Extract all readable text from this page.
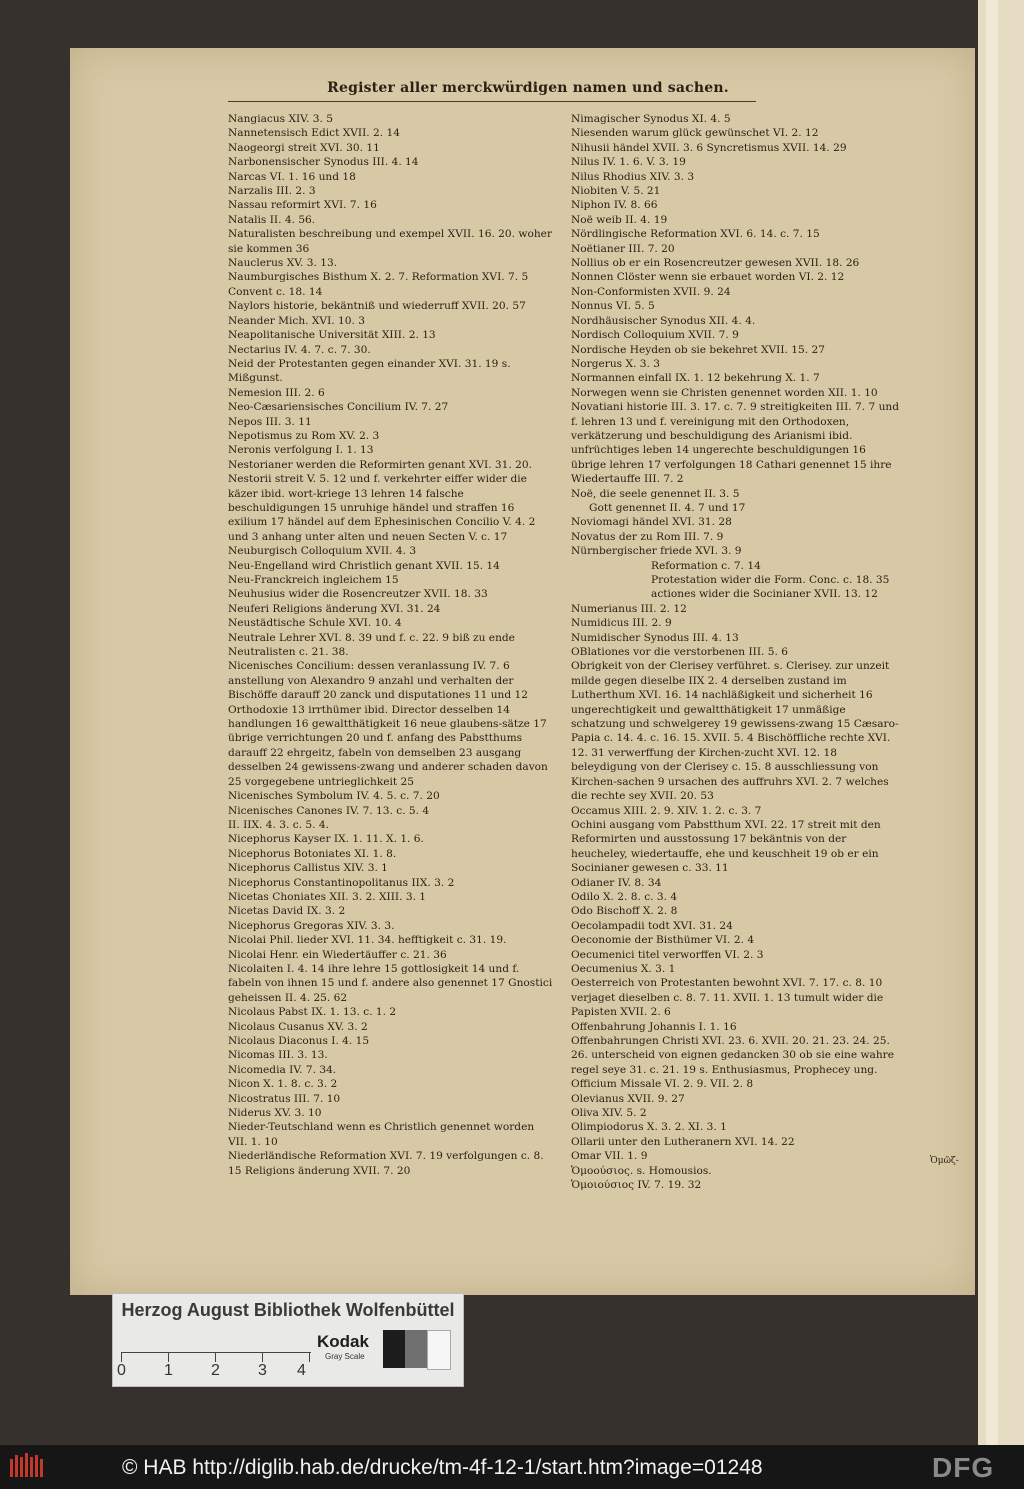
Register aller merckwürdigen namen und sachen.
Nangiacus XIV. 3. 5
Nannetensisch Edict XVII. 2. 14
Naogeorgi streit XVI. 30. 11
Narbonensischer Synodus III. 4. 14
Narcas VI. 1. 16 und 18
Narzalis III. 2. 3
Nassau reformirt XVI. 7. 16
Natalis II. 4. 56.
Naturalisten beschreibung und exempel XVII. 16. 20. woher sie kommen 36
Nauclerus XV. 3. 13.
Naumburgisches Bisthum X. 2. 7. Reformation XVI. 7. 5 Convent c. 18. 14
Naylors historie, bekäntniß und wiederruff XVII. 20. 57
Neander Mich. XVI. 10. 3
Neapolitanische Universität XIII. 2. 13
Nectarius IV. 4. 7. c. 7. 30.
Neid der Protestanten gegen einander XVI. 31. 19 s. Mißgunst.
Nemesion III. 2. 6
Neo-Cæsariensisches Concilium IV. 7. 27
Nepos III. 3. 11
Nepotismus zu Rom XV. 2. 3
Neronis verfolgung I. 1. 13
Nestorianer werden die Reformirten genant XVI. 31. 20.
Nestorii streit V. 5. 12 und f. verkehrter eiffer wider die käzer ibid. wort-kriege 13 lehren 14 falsche beschuldigungen 15 unruhige händel und straffen 16 exilium 17 händel auf dem Ephesinischen Concilio V. 4. 2 und 3 anhang unter alten und neuen Secten V. c. 17
Neuburgisch Colloquium XVII. 4. 3
Neu-Engelland wird Christlich genant XVII. 15. 14
Neu-Franckreich ingleichem 15
Neuhusius wider die Rosencreutzer XVII. 18. 33
Neuferi Religions änderung XVI. 31. 24
Neustädtische Schule XVI. 10. 4
Neutrale Lehrer XVI. 8. 39 und f. c. 22. 9 biß zu ende
Neutralisten c. 21. 38.
Nicenisches Concilium: dessen veranlassung IV. 7. 6 anstellung von Alexandro 9 anzahl und verhalten der Bischöffe darauff 20 zanck und disputationes 11 und 12 Orthodoxie 13 irrthümer ibid. Director desselben 14 handlungen 16 gewaltthätigkeit 16 neue glaubens-sätze 17 übrige verrichtungen 20 und f. anfang des Pabstthums darauff 22 ehrgeitz, fabeln von demselben 23 ausgang desselben 24 gewissens-zwang und anderer schaden davon 25 vorgegebene untrieglichkeit 25
Nicenisches Symbolum IV. 4. 5. c. 7. 20
Nicenisches Canones IV. 7. 13. c. 5. 4
II. IIX. 4. 3. c. 5. 4.
Nicephorus Kayser IX. 1. 11. X. 1. 6.
Nicephorus Botoniates XI. 1. 8.
Nicephorus Callistus XIV. 3. 1
Nicephorus Constantinopolitanus IIX. 3. 2
Nicetas Choniates XII. 3. 2. XIII. 3. 1
Nicetas David IX. 3. 2
Nicephorus Gregoras XIV. 3. 3.
Nicolai Phil. lieder XVI. 11. 34. hefftigkeit c. 31. 19.
Nicolai Henr. ein Wiedertäuffer c. 21. 36
Nicolaiten I. 4. 14 ihre lehre 15 gottlosigkeit 14 und f. fabeln von ihnen 15 und f. andere also genennet 17 Gnostici geheissen II. 4. 25. 62
Nicolaus Pabst IX. 1. 13. c. 1. 2
Nicolaus Cusanus XV. 3. 2
Nicolaus Diaconus I. 4. 15
Nicomas III. 3. 13.
Nicomedia IV. 7. 34.
Nicon X. 1. 8. c. 3. 2
Nicostratus III. 7. 10
Niderus XV. 3. 10
Nieder-Teutschland wenn es Christlich genennet worden VII. 1. 10
Niederländische Reformation XVI. 7. 19 verfolgungen c. 8. 15 Religions änderung XVII. 7. 20
Nimagischer Synodus XI. 4. 5
Niesenden warum glück gewünschet VI. 2. 12
Nihusii händel XVII. 3. 6 Syncretismus XVII. 14. 29
Nilus IV. 1. 6. V. 3. 19
Nilus Rhodius XIV. 3. 3
Niobiten V. 5. 21
Niphon IV. 8. 66
Noë weib II. 4. 19
Nördlingische Reformation XVI. 6. 14. c. 7. 15
Noëtianer III. 7. 20
Nollius ob er ein Rosencreutzer gewesen XVII. 18. 26
Nonnen Clöster wenn sie erbauet worden VI. 2. 12
Non-Conformisten XVII. 9. 24
Nonnus VI. 5. 5
Nordhäusischer Synodus XII. 4. 4.
Nordisch Colloquium XVII. 7. 9
Nordische Heyden ob sie bekehret XVII. 15. 27
Norgerus X. 3. 3
Normannen einfall IX. 1. 12 bekehrung X. 1. 7
Norwegen wenn sie Christen genennet worden XII. 1. 10
Novatiani historie III. 3. 17. c. 7. 9 streitigkeiten III. 7. 7 und f. lehren 13 und f. vereinigung mit den Orthodoxen, verkätzerung und beschuldigung des Arianismi ibid. unfrüchtiges leben 14 ungerechte beschuldigungen 16 übrige lehren 17 verfolgungen 18 Cathari genennet 15 ihre Wiedertauffe III. 7. 2
Noë, die seele genennet II. 3. 5
Gott genennet II. 4. 7 und 17
Noviomagi händel XVI. 31. 28
Novatus der zu Rom III. 7. 9
Nürnbergischer friede XVI. 3. 9
Reformation c. 7. 14
Protestation wider die Form. Conc. c. 18. 35
actiones wider die Socinianer XVII. 13. 12
Numerianus III. 2. 12
Numidicus III. 2. 9
Numidischer Synodus III. 4. 13
OBlationes vor die verstorbenen III. 5. 6
Obrigkeit von der Clerisey verführet. s. Clerisey. zur unzeit milde gegen dieselbe IIX 2. 4 derselben zustand im Lutherthum XVI. 16. 14 nachläßigkeit und sicherheit 16 ungerechtigkeit und gewaltthätigkeit 17 unmäßige schatzung und schwelgerey 19 gewissens-zwang 15 Cæsaro-Papia c. 14. 4. c. 16. 15. XVII. 5. 4 Bischöffliche rechte XVI. 12. 31 verwerffung der Kirchen-zucht XVI. 12. 18 beleydigung von der Clerisey c. 15. 8 ausschliessung von Kirchen-sachen 9 ursachen des auffruhrs XVI. 2. 7 welches die rechte sey XVII. 20. 53
Occamus XIII. 2. 9. XIV. 1. 2. c. 3. 7
Ochini ausgang vom Pabstthum XVI. 22. 17 streit mit den Reformirten und ausstossung 17 bekäntnis von der heucheley, wiedertauffe, ehe und keuschheit 19 ob er ein Socinianer gewesen c. 33. 11
Odianer IV. 8. 34
Odilo X. 2. 8. c. 3. 4
Odo Bischoff X. 2. 8
Oecolampadii todt XVI. 31. 24
Oeconomie der Bisthümer VI. 2. 4
Oecumenici titel verworffen VI. 2. 3
Oecumenius X. 3. 1
Oesterreich von Protestanten bewohnt XVI. 7. 17. c. 8. 10 verjaget dieselben c. 8. 7. 11. XVII. 1. 13 tumult wider die Papisten XVII. 2. 6
Offenbahrung Johannis I. 1. 16
Offenbahrungen Christi XVI. 23. 6. XVII. 20. 21. 23. 24. 25. 26. unterscheid von eignen gedancken 30 ob sie eine wahre regel seye 31. c. 21. 19 s. Enthusiasmus, Prophecey ung.
Officium Missale VI. 2. 9. VII. 2. 8
Olevianus XVII. 9. 27
Oliva XIV. 5. 2
Olimpiodorus X. 3. 2. XI. 3. 1
Ollarii unter den Lutheranern XVI. 14. 22
Omar VII. 1. 9
Ὁμοούσιος. s. Homousios.
Ὁμοιούσιος IV. 7. 19. 32
Ὁμῶζ-
Herzog August Bibliothek Wolfenbüttel
Kodak
Gray Scale
0 1 2 3 4
© HAB http://diglib.hab.de/drucke/tm-4f-12-1/start.htm?image=01248	DFG
